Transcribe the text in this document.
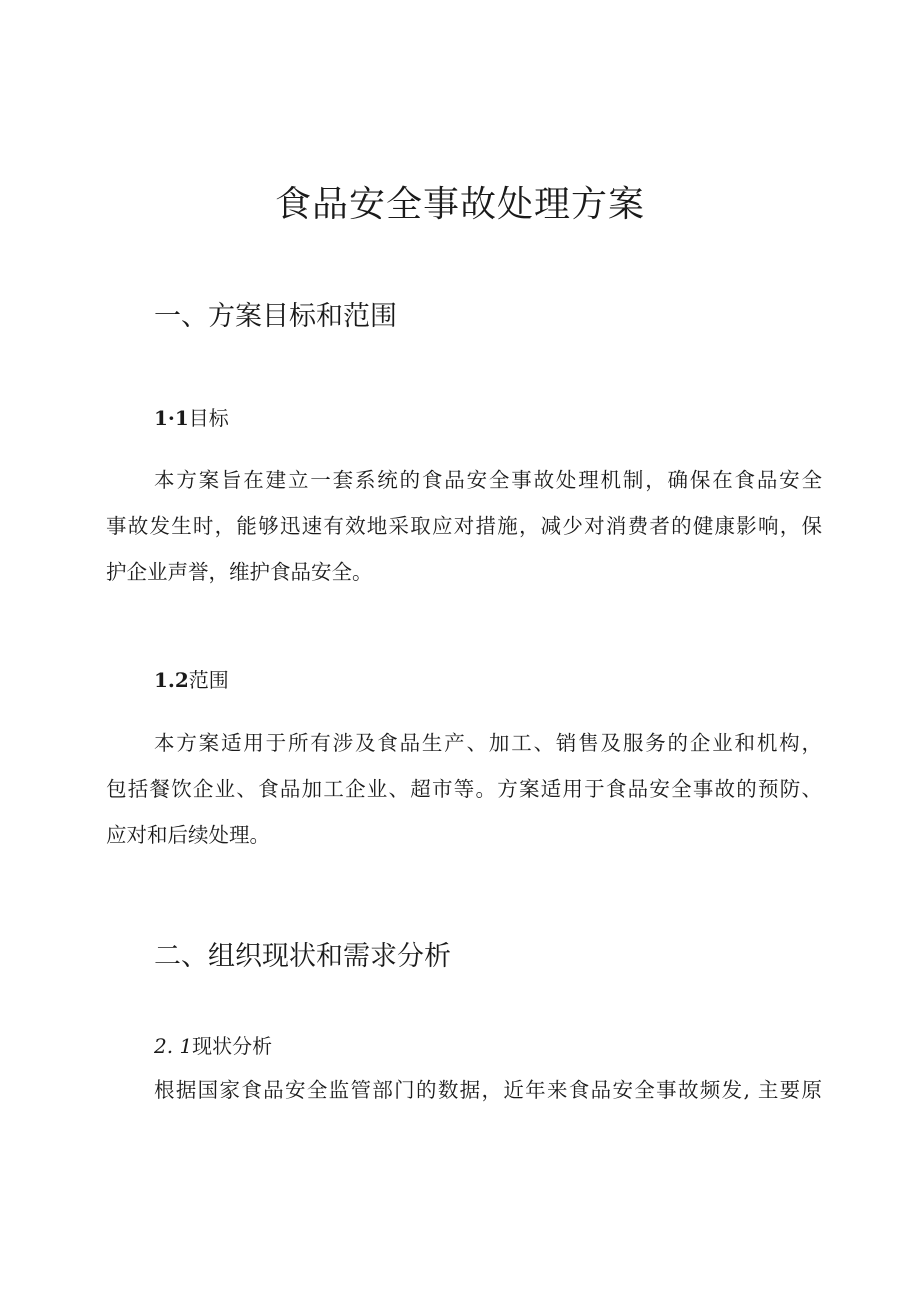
食品安全事故处理方案
一、方案目标和范围
1·1目标
本方案旨在建立一套系统的食品安全事故处理机制，确保在食品安全
事故发生时，能够迅速有效地采取应对措施，减少对消费者的健康影响，保
护企业声誉，维护食品安全。
1.2范围
本方案适用于所有涉及食品生产、加工、销售及服务的企业和机构，
包括餐饮企业、食品加工企业、超市等。方案适用于食品安全事故的预防、
应对和后续处理。
二、组织现状和需求分析
2. 1现状分析
根据国家食品安全监管部门的数据，近年来食品安全事故频发, 主要原
